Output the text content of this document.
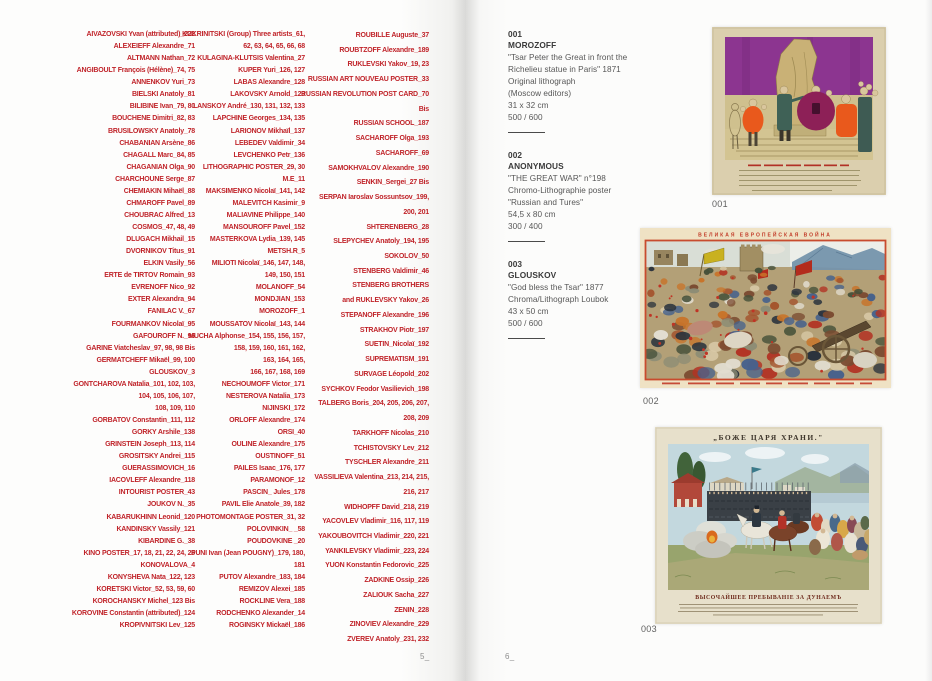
AIVAZOVSKI Yvan (attributed)_222
ALEXEIEFF Alexandre_71
ALTMANN Nathan_72
ANGIBOULT François (Hélène)_74, 75
ANNENKOV Yuri_73
BIELSKI Anatoly_81
BILIBINE Ivan_79, 80
BOUCHENE Dimitri_82, 83
BRUSILOWSKY Anatoly_78
CHABANIAN Arsène_86
CHAGALL Marc_84, 85
CHAGANIAN Olga_90
CHARCHOUNE Serge_87
CHEMIAKIN Mihaël_88
CHMAROFF Pavel_89
CHOUBRAC Alfred_13
COSMOS_47, 48, 49
DLUGACH Mikhail_15
DVORNIKOV Titus_91
ELKIN Vasily_56
ERTE de TIRTOV Romain_93
EVRENOFF Nico_92
EXTER Alexandra_94
FANILAC V._67
FOURMANKOV Nicolaï_95
GAFOUROFF N._96
GARINE Viatcheslav_97, 98, 98 Bis
GERMATCHEFF Mikaël_99, 100
GLOUSKOV_3
GONTCHAROVA Natalia_101, 102, 103,
104, 105, 106, 107,
108, 109, 110
GORBATOV Constantin_111, 112
GORKY Arshile_138
GRINSTEIN Joseph_113, 114
GROSITSKY Andrei_115
GUERASSIMOVICH_16
IACOVLEFF Alexandre_118
INTOURIST POSTER_43
JOUKOV N._35
KABARUKHINN Leonid_120
KANDINSKY Vassily_121
KIBARDINE G._38
KINO POSTER_17, 18, 21, 22, 24, 25
KONOVALOVA_4
KONYSHEVA Nata_122, 123
KORETSKI Victor_52, 53, 59, 60
KOROCHANSKY Michel_123 Bis
KOROVINE Constantin (attributed)_124
KROPIVNITSKI Lev_125
KUKRINITSKI (Group) Three artists_61,
62, 63, 64, 65, 66, 68
KULAGINA-KLUTSIS Valentina_27
KUPER Yuri_126, 127
LABAS Alexandre_128
LAKOVSKY Arnold_129
LANSKOY André_130, 131, 132, 133
LAPCHINE Georges_134, 135
LARIONOV Mikhaïl_137
LEBEDEV Valdimir_34
LEVCHENKO Petr_136
LITHOGRAPHIC POSTER_29, 30
M.E_11
MAKSIMENKO Nicolaï_141, 142
MALEVITCH Kasimir_9
MALIAVINE Philippe_140
MANSOUROFF Pavel_152
MASTERKOVA Lydia_139, 145
METSH.R_5
MILIOTI Nicolaï_146, 147, 148,
149, 150, 151
MOLANOFF_54
MONDJIAN_153
MOROZOFF_1
MOUSSATOV Nicolaï_143, 144
MUCHA Alphonse_154, 155, 156, 157,
158, 159, 160, 161, 162,
163, 164, 165,
166, 167, 168, 169
NECHOUMOFF Victor_171
NESTEROVA Natalia_173
NIJINSKI_172
ORLOFF Alexandre_174
ORSI_40
OULINE Alexandre_175
OUSTINOFF_51
PAILES Isaac_176, 177
PARAMONOF_12
PASCIN_ Jules_178
PAVIL Elie Anatole_39, 182
PHOTOMONTAGE POSTER_31, 32
POLOVINKIN_ _58
POUDOVKINE _20
PUNI Ivan (Jean POUGNY)_179, 180,
181
PUTOV Alexandre_183, 184
REMIZOV Alexei_185
ROCKLINE Vera_188
RODCHENKO Alexander_14
ROGINSKY Mickaël_186
ROUBILLE Auguste_37
ROUBTZOFF Alexandre_189
RUKLEVSKI Yakov_19, 23
RUSSIAN ART NOUVEAU POSTER_33
RUSSIAN REVOLUTION POST CARD_70
Bis
RUSSIAN SCHOOL_187
SACHAROFF Olga_193
SACHAROFF_69
SAMOKHVALOV Alexandre_190
SENKIN_Sergei_27 Bis
SERPAN Iaroslav Sossuntsov_199,
200, 201
SHTERENBERG_28
SLEPYCHEV Anatoly_194, 195
SOKOLOV_50
STENBERG Valdimir_46
STENBERG BROTHERS
and RUKLEVSKY Yakov_26
STEPANOFF Alexandre_196
STRAKHOV Piotr_197
SUETIN_Nicolaï_192
SUPREMATISM_191
SURVAGE Léopold_202
SYCHKOV Feodor Vasilievich_198
TALBERG Boris_204, 205, 206, 207,
208, 209
TARKHOFF Nicolas_210
TCHISTOVSKY Lev_212
TYSCHLER Alexandre_211
VASSILIEVA Valentina_213, 214, 215,
216, 217
WIDHOPFF David_218, 219
YACOVLEV Vladimir_116, 117, 119
YAKOUBOVITCH Vladimir_220, 221
YANKILEVSKY Vladimir_223, 224
YUON Konstantin Fedorovic_225
ZADKINE Ossip_226
ZALIOUK Sacha_227
ZENIN_228
ZINOVIEV Alexandre_229
ZVEREV Anatoly_231, 232
5_
001
MOROZOFF
"Tsar Peter the Great in front the
Richelieu statue in Paris" 1871
Original lithograph
(Moscow editors)
31 x 32 cm
500 / 600
002
ANONYMOUS
"THE GREAT WAR" n°198
Chromo-Lithographie poster
"Russian and Tures"
54,5 x 80 cm
300 / 400
003
GLOUSKOV
"God bless the Tsar" 1877
Chroma/Lithograph Loubok
43 x 50 cm
500 / 600
001
ВЕЛИКАЯ ЕВРОПЕЙСКАЯ ВОЙНА
002
„БОЖЕ ЦАРЯ ХРАНИ."
ВЫСОЧАЙШЕЕ ПРЕБЫВАНІЕ ЗА ДУНАЕМЪ
003
6_
